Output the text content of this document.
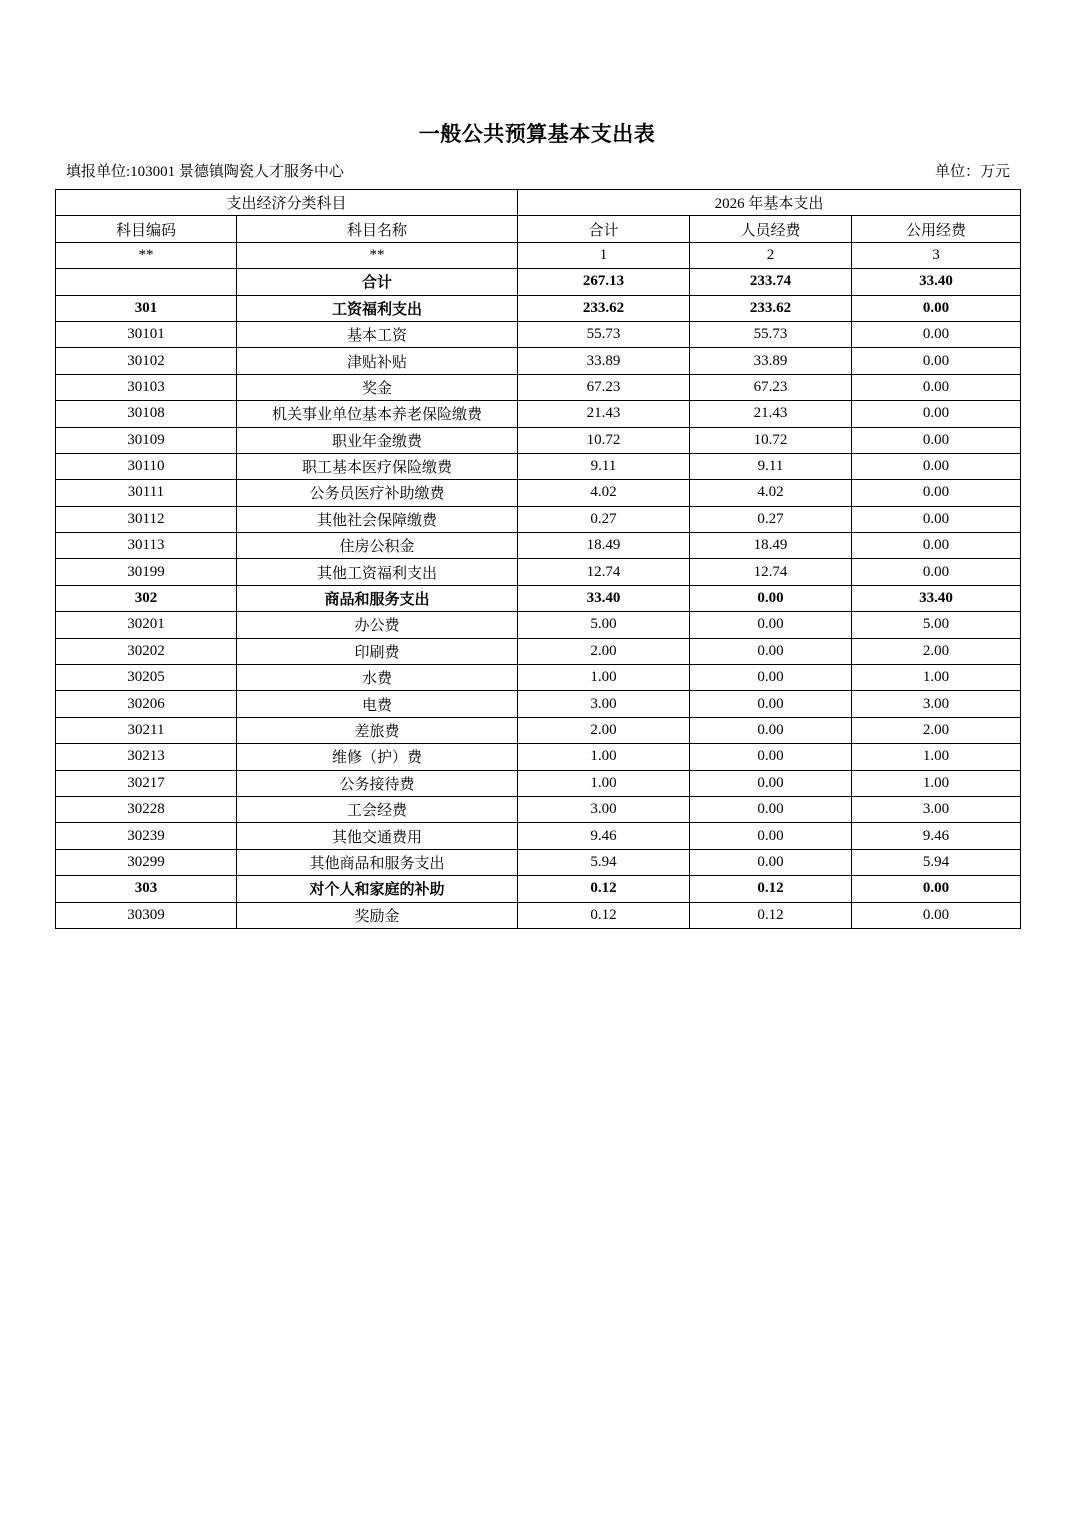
一般公共预算基本支出表
填报单位:103001 景德镇陶瓷人才服务中心	单位：万元
支出经济分类科目		2026 年基本支出		
科目编码	科目名称	合计	人员经费	公用经费
**	**	1	2	3
	合计	267.13	233.74	33.40
301	工资福利支出	233.62	233.62	0.00
30101	基本工资	55.73	55.73	0.00
30102	津贴补贴	33.89	33.89	0.00
30103	奖金	67.23	67.23	0.00
30108	机关事业单位基本养老保险缴费	21.43	21.43	0.00
30109	职业年金缴费	10.72	10.72	0.00
30110	职工基本医疗保险缴费	9.11	9.11	0.00
30111	公务员医疗补助缴费	4.02	4.02	0.00
30112	其他社会保障缴费	0.27	0.27	0.00
30113	住房公积金	18.49	18.49	0.00
30199	其他工资福利支出	12.74	12.74	0.00
302	商品和服务支出	33.40	0.00	33.40
30201	办公费	5.00	0.00	5.00
30202	印刷费	2.00	0.00	2.00
30205	水费	1.00	0.00	1.00
30206	电费	3.00	0.00	3.00
30211	差旅费	2.00	0.00	2.00
30213	维修（护）费	1.00	0.00	1.00
30217	公务接待费	1.00	0.00	1.00
30228	工会经费	3.00	0.00	3.00
30239	其他交通费用	9.46	0.00	9.46
30299	其他商品和服务支出	5.94	0.00	5.94
303	对个人和家庭的补助	0.12	0.12	0.00
30309	奖励金	0.12	0.12	0.00
